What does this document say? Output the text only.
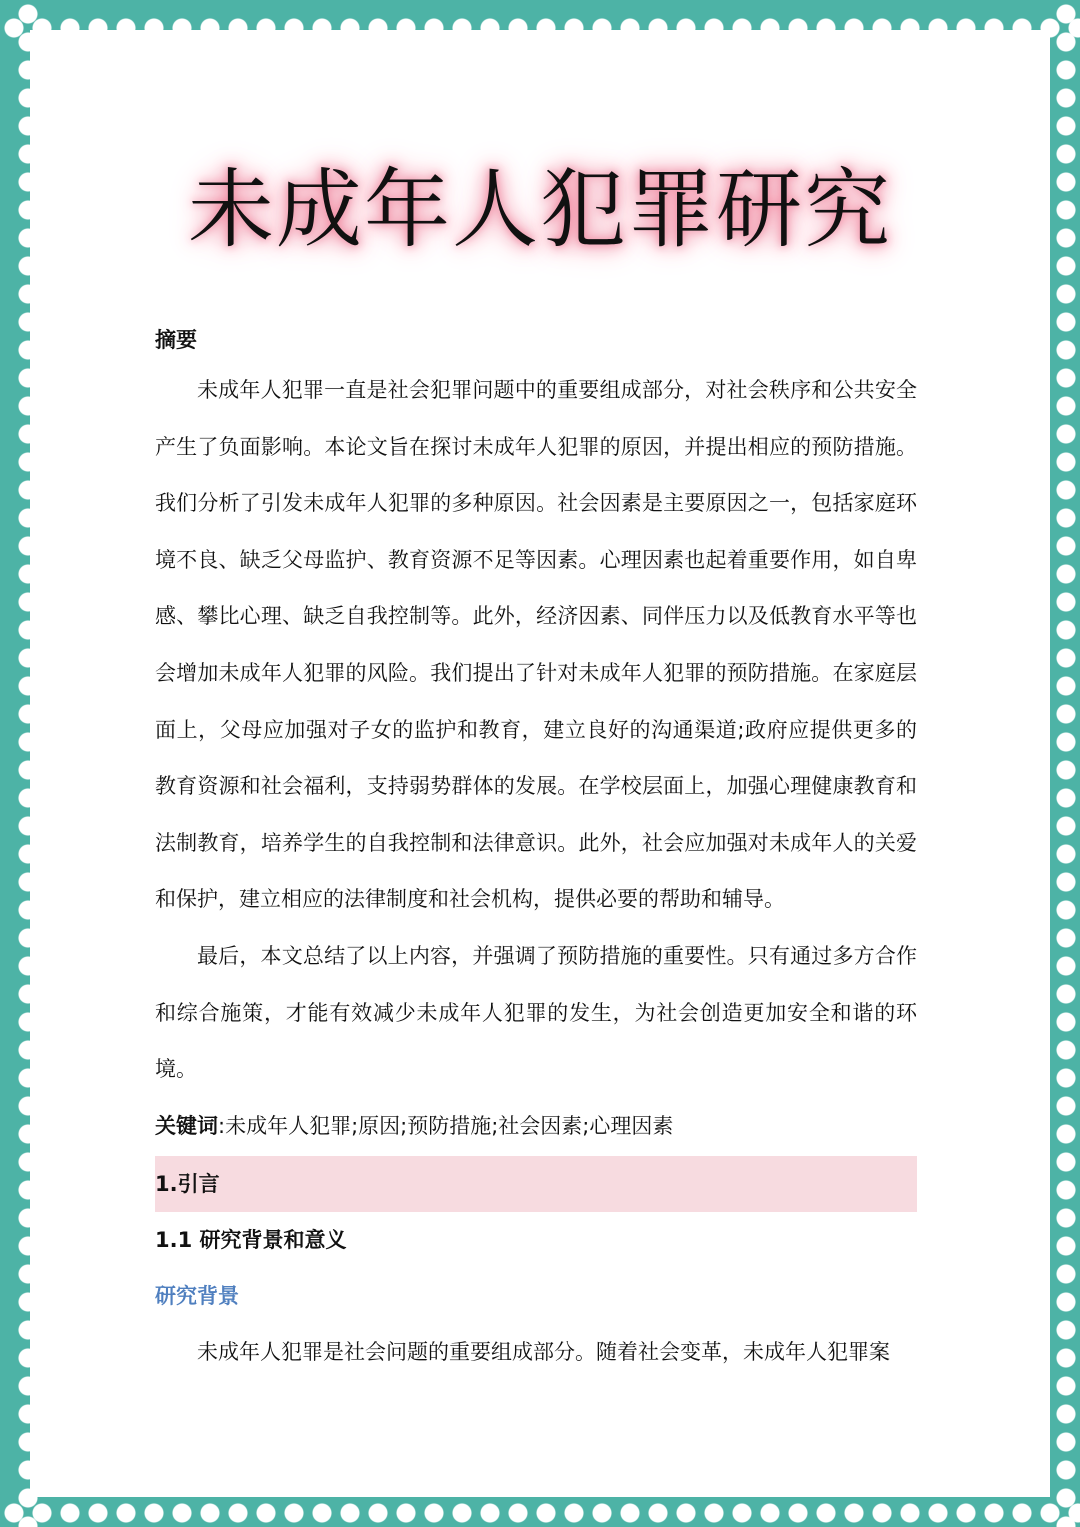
未成年人犯罪研究
摘要

未成年人犯罪一直是社会犯罪问题中的重要组成部分，对社会秩序和公共安全产生了负面影响。本论文旨在探讨未成年人犯罪的原因，并提出相应的预防措施。我们分析了引发未成年人犯罪的多种原因。社会因素是主要原因之一，包括家庭环境不良、缺乏父母监护、教育资源不足等因素。心理因素也起着重要作用，如自卑感、攀比心理、缺乏自我控制等。此外，经济因素、同伴压力以及低教育水平等也会增加未成年人犯罪的风险。我们提出了针对未成年人犯罪的预防措施。在家庭层面上，父母应加强对子女的监护和教育，建立良好的沟通渠道;政府应提供更多的教育资源和社会福利，支持弱势群体的发展。在学校层面上，加强心理健康教育和法制教育，培养学生的自我控制和法律意识。此外，社会应加强对未成年人的关爱和保护，建立相应的法律制度和社会机构，提供必要的帮助和辅导。

最后，本文总结了以上内容，并强调了预防措施的重要性。只有通过多方合作和综合施策，才能有效减少未成年人犯罪的发生，为社会创造更加安全和谐的环境。

关键词:未成年人犯罪;原因;预防措施;社会因素;心理因素
1.引言
1.1 研究背景和意义
研究背景

未成年人犯罪是社会问题的重要组成部分。随着社会变革，未成年人犯罪案
